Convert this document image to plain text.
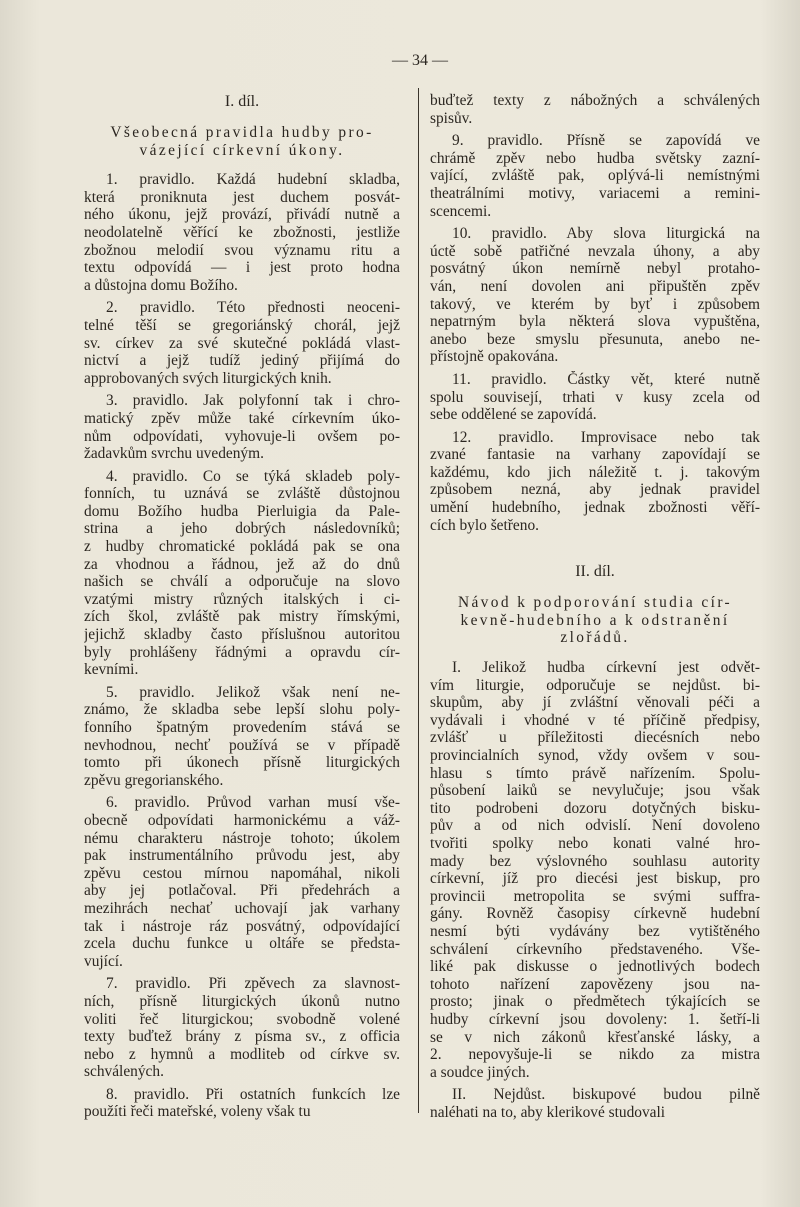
— 34 —
I. díl.
Všeobecná pravidla hudby pro-
vázející církevní úkony.
1. pravidlo. Každá hudební skladba,
která proniknuta jest duchem posvát-
ného úkonu, jejž provází, přivádí nutně a
neodolatelně věřící ke zbožnosti, jestliže
zbožnou melodií svou významu ritu a
textu odpovídá — i jest proto hodna
a důstojna domu Božího.
2. pravidlo. Této přednosti neoceni-
telné těší se gregoriánský chorál, jejž
sv. církev za své skutečné pokládá vlast-
nictví a jejž tudíž jediný přijímá do
approbovaných svých liturgických knih.
3. pravidlo. Jak polyfonní tak i chro-
matický zpěv může také církevním úko-
nům odpovídati, vyhovuje-li ovšem po-
žadavkům svrchu uvedeným.
4. pravidlo. Co se týká skladeb poly-
fonních, tu uznává se zvláště důstojnou
domu Božího hudba Pierluigia da Pale-
strina a jeho dobrých následovníků;
z hudby chromatické pokládá pak se ona
za vhodnou a řádnou, jež až do dnů
našich se chválí a odporučuje na slovo
vzatými mistry různých italských i ci-
zích škol, zvláště pak mistry římskými,
jejichž skladby často příslušnou autoritou
byly prohlášeny řádnými a opravdu cír-
kevními.
5. pravidlo. Jelikož však není ne-
známo, že skladba sebe lepší slohu poly-
fonního špatným provedením stává se
nevhodnou, nechť používá se v případě
tomto při úkonech přísně liturgických
zpěvu gregorianského.
6. pravidlo. Průvod varhan musí vše-
obecně odpovídati harmonickému a váž-
nému charakteru nástroje tohoto; úkolem
pak instrumentálního průvodu jest, aby
zpěvu cestou mírnou napomáhal, nikoli
aby jej potlačoval. Při předehrách a
mezihrách nechať uchovají jak varhany
tak i nástroje ráz posvátný, odpovídající
zcela duchu funkce u oltáře se předsta-
vující.
7. pravidlo. Při zpěvech za slavnost-
ních, přísně liturgických úkonů nutno
voliti řeč liturgickou; svobodně volené
texty buďtež brány z písma sv., z officia
nebo z hymnů a modliteb od církve sv.
schválených.
8. pravidlo. Při ostatních funkcích lze
použíti řeči mateřské, voleny však tu
buďtež texty z nábožných a schválených
spisův.
9. pravidlo. Přísně se zapovídá ve
chrámě zpěv nebo hudba světsky zazní-
vající, zvláště pak, oplývá-li nemístnými
theatrálními motivy, variacemi a remini-
scencemi.
10. pravidlo. Aby slova liturgická na
úctě sobě patřičné nevzala úhony, a aby
posvátný úkon nemírně nebyl protaho-
ván, není dovolen ani připuštěn zpěv
takový, ve kterém by byť i způsobem
nepatrným byla některá slova vypuštěna,
anebo beze smyslu přesunuta, anebo ne-
přístojně opakována.
11. pravidlo. Částky vět, které nutně
spolu souvisejí, trhati v kusy zcela od
sebe oddělené se zapovídá.
12. pravidlo. Improvisace nebo tak
zvané fantasie na varhany zapovídají se
každému, kdo jich náležitě t. j. takovým
způsobem nezná, aby jednak pravidel
umění hudebního, jednak zbožnosti věří-
cích bylo šetřeno.
II. díl.
Návod k podporování studia cír-
kevně-hudebního a k odstranění
zlořádů.
I. Jelikož hudba církevní jest odvět-
vím liturgie, odporučuje se nejdůst. bi-
skupům, aby jí zvláštní věnovali péči a
vydávali i vhodné v té příčině předpisy,
zvlášť u příležitosti diecésních nebo
provincialních synod, vždy ovšem v sou-
hlasu s tímto právě nařízením. Spolu-
působení laiků se nevylučuje; jsou však
tito podrobeni dozoru dotyčných bisku-
pův a od nich odvislí. Není dovoleno
tvořiti spolky nebo konati valné hro-
mady bez výslovného souhlasu autority
církevní, jíž pro diecési jest biskup, pro
provincii metropolita se svými suffra-
gány. Rovněž časopisy církevně hudební
nesmí býti vydávány bez vytištěného
schválení církevního představeného. Vše-
liké pak diskusse o jednotlivých bodech
tohoto nařízení zapovězeny jsou na-
prosto; jinak o předmětech týkajících se
hudby církevní jsou dovoleny: 1. šetří-li
se v nich zákonů křesťanské lásky, a
2. nepovyšuje-li se nikdo za mistra
a soudce jiných.
II. Nejdůst. biskupové budou pilně
naléhati na to, aby klerikové studovali
